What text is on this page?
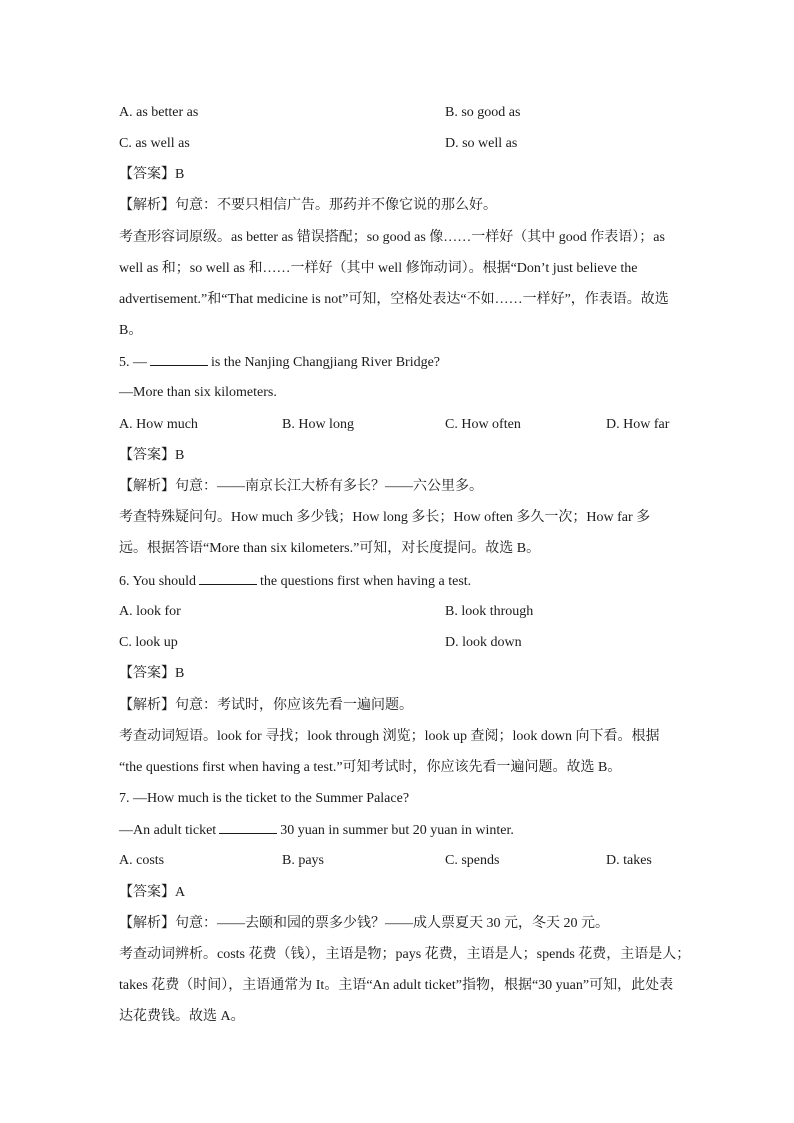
A. as better as	B. so good as
C. as well as	D. so well as
【答案】B
【解析】句意：不要只相信广告。那药并不像它说的那么好。
考查形容词原级。as better as 错误搭配；so good as 像……一样好（其中 good 作表语）；as
well as 和；so well as 和……一样好（其中 well 修饰动词）。根据“Don’t just believe the
advertisement.”和“That medicine is not”可知，空格处表达“不如……一样好”，作表语。故选
B。
5. —	is the Nanjing Changjiang River Bridge?
—More than six kilometers.
A. How much	B. How long	C. How often	D. How far
【答案】B
【解析】句意：——南京长江大桥有多长？——六公里多。
考查特殊疑问句。How much 多少钱；How long 多长；How often 多久一次；How far 多
远。根据答语“More than six kilometers.”可知，对长度提问。故选 B。
6. You should	the questions first when having a test.
A. look for	B. look through
C. look up	D. look down
【答案】B
【解析】句意：考试时，你应该先看一遍问题。
考查动词短语。look for 寻找；look through 浏览；look up 查阅；look down 向下看。根据
“the questions first when having a test.”可知考试时，你应该先看一遍问题。故选 B。
7. —How much is the ticket to the Summer Palace?
—An adult ticket	30 yuan in summer but 20 yuan in winter.
A. costs	B. pays	C. spends	D. takes
【答案】A
【解析】句意：——去颐和园的票多少钱？——成人票夏天 30 元，冬天 20 元。
考查动词辨析。costs 花费（钱），主语是物；pays 花费，主语是人；spends 花费，主语是人；
takes 花费（时间），主语通常为 It。主语“An adult ticket”指物，根据“30 yuan”可知，此处表
达花费钱。故选 A。
